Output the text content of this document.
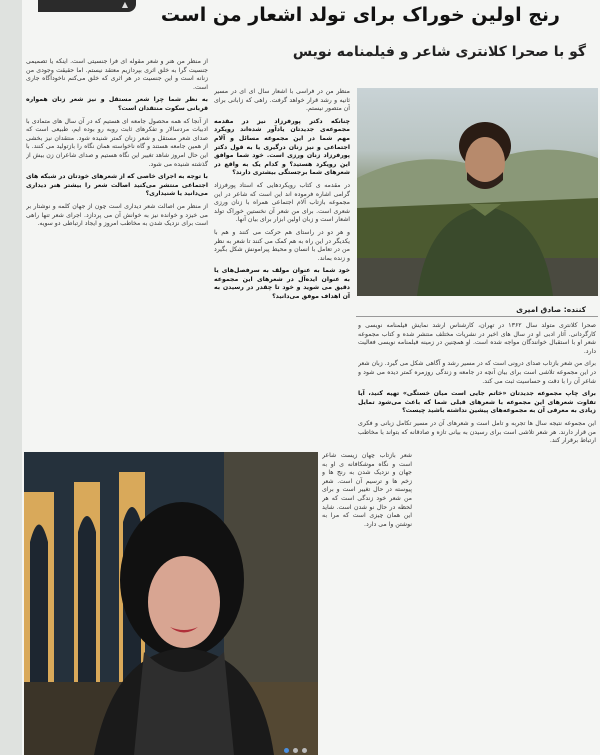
▲ رنج اولین خوراک برای تولد اشعار من است
گو با صحرا کلانتری شاعر و فیلمنامه نویس
از منظر من هنر و شعر مقوله ای فرا جنسیتی است. اینکه یا تصمیمی جنسیت گرا به خلق اثری بپردازیم معتقد نیستم. اما حقیقت وجودی من زنانه است و این جنسیت در هر اثری که خلق می‌کنم ناخودآگاه جاری است.
به نظر شما چرا شعر مستقل و نیز شعر زنان همواره قربانی سکوت منتقدان است؟
از آنجا که همه محصول جامعه ای هستیم که در آن سال های متمادی با ادبیات مردسالار و تفکرهای ثابت روبه رو بوده ایم، طبیعی است که صدای شعر مستقل و شعر زنان کمتر شنیده شود. منتقدان نیز بخشی از همین جامعه هستند و گاه ناخواسته همان نگاه را بازتولید می کنند. با این حال امروز شاهد تغییر این نگاه هستیم و صدای شاعران زن بیش از گذشته شنیده می شود.
با توجه به اجرای خاصی که از شعرهای خودتان در شبکه های اجتماعی منتشر می‌کنید اصالت شعر را بیشتر هنر دیداری می‌دانید یا شنیداری؟
از منظر من اصالت شعر دیداری است چون از جهان کلمه و نوشتار بر می خیزد و خوانده نیز به خوانش آن می پردازد. اجرای شعر تنها راهی است برای نزدیک شدن به مخاطب امروز و ایجاد ارتباطی دو سویه.
منظر من در فراسی با اشعار سال ای ای در مسیر ثانیه و رشد قرار خواهد گرفت. راهی که زابانی برای آن متصور نیستم.
چنانکه دکتر پورفرزاد نیز در مقدمه مجموعه‌ی جدیدتان یادآور شده‌اند رویکرد مهم شما در این مجموعه مسائل و آلام اجتماعی و نیز زنان درگیری یا به قول دکتر پورفرزاد زنان ورزی است. خود شما موافق این رویکرد هستید؟ و کدام یک به واقع در شعرهای شما برجستگی بیشتری دارند؟
در مقدمه ی کتاب رویکردهایی که استاد پورفرزاد گرامی اشاره فرموده اند این است که شاعر در این مجموعه بازتاب آلام اجتماعی همراه با زنان ورزی شعری است. برای من شعر آن نخستین خوراک تولد اشعار است و زبان اولین ابزار برای بیان آنها.
و هر دو در راستای هم حرکت می کنند و هم با یکدیگر در این راه به هم کمک می کنند تا شعر به نظر من در تعامل با انسان و محیط پیرامونش شکل بگیرد و زنده بماند.
خود شما به عنوان مولف به سرفصل‌های یا به عنوان ایده‌آل در شعرهای این مجموعه دقیق می شوید و خود تا چقدر در رسیدن به آن اهداف موفق می‌دانید؟
شعر بازتاب چهان زیست شاعر است و نگاه موشکافانه ی او به جهان و نزدیک شدن به رنج ها و زخم ها و ترسیم آن است. شعر پیوسته در حال تغییر است و برای من شعر خود زندگی است که هر لحظه در حال نو شدن است. شاید این همان چیزی است که مرا به نوشتن وا می دارد.
کننده: صادق امیری
صحرا کلانتری متولد سال ۱۳۶۲ در تهران، کارشناس ارشد نمایش فیلمنامه نویسی و کارگردانی. آثار ادبی او در سال های اخیر در نشریات مختلف منتشر شده و کتاب مجموعه شعر او با استقبال خوانندگان مواجه شده است. او همچنین در زمینه فیلمنامه نویسی فعالیت دارد.
برای من شعر بازتاب صدای درونی است که در مسیر رشد و آگاهی شکل می گیرد. زبان شعر در این مجموعه تلاشی است برای بیان آنچه در جامعه و زندگی روزمره کمتر دیده می شود و شاعر آن را با دقت و حساسیت ثبت می کند.
برای چاپ مجموعه جدیدتان «خاتم جایی است میان خستگی» تهیه کنید، آیا تفاوت شعرهای این مجموعه با شعرهای قبلی شما که باعث می‌شود تمایل زیادی به معرفی آن به مجموعه‌های پیشین نداشته باشید چیست؟
این مجموعه نتیجه سال ها تجربه و تامل است و شعرهای آن در مسیر تکامل زبانی و فکری من قرار دارند. هر شعر تلاشی است برای رسیدن به بیانی تازه و صادقانه که بتواند با مخاطب ارتباط برقرار کند.
